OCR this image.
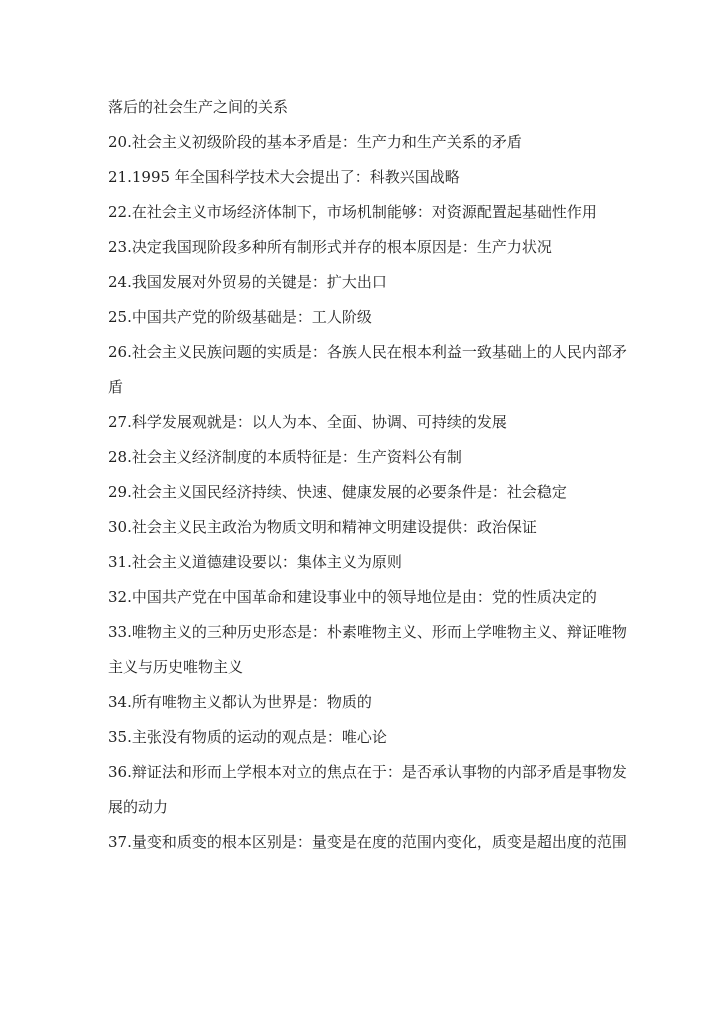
落后的社会生产之间的关系
20.社会主义初级阶段的基本矛盾是：生产力和生产关系的矛盾
21.1995 年全国科学技术大会提出了：科教兴国战略
22.在社会主义市场经济体制下，市场机制能够：对资源配置起基础性作用
23.决定我国现阶段多种所有制形式并存的根本原因是：生产力状况
24.我国发展对外贸易的关键是：扩大出口
25.中国共产党的阶级基础是：工人阶级
26.社会主义民族问题的实质是：各族人民在根本利益一致基础上的人民内部矛
盾
27.科学发展观就是：以人为本、全面、协调、可持续的发展
28.社会主义经济制度的本质特征是：生产资料公有制
29.社会主义国民经济持续、快速、健康发展的必要条件是：社会稳定
30.社会主义民主政治为物质文明和精神文明建设提供：政治保证
31.社会主义道德建设要以：集体主义为原则
32.中国共产党在中国革命和建设事业中的领导地位是由：党的性质决定的
33.唯物主义的三种历史形态是：朴素唯物主义、形而上学唯物主义、辩证唯物
主义与历史唯物主义
34.所有唯物主义都认为世界是：物质的
35.主张没有物质的运动的观点是：唯心论
36.辩证法和形而上学根本对立的焦点在于：是否承认事物的内部矛盾是事物发
展的动力
37.量变和质变的根本区别是：量变是在度的范围内变化，质变是超出度的范围
